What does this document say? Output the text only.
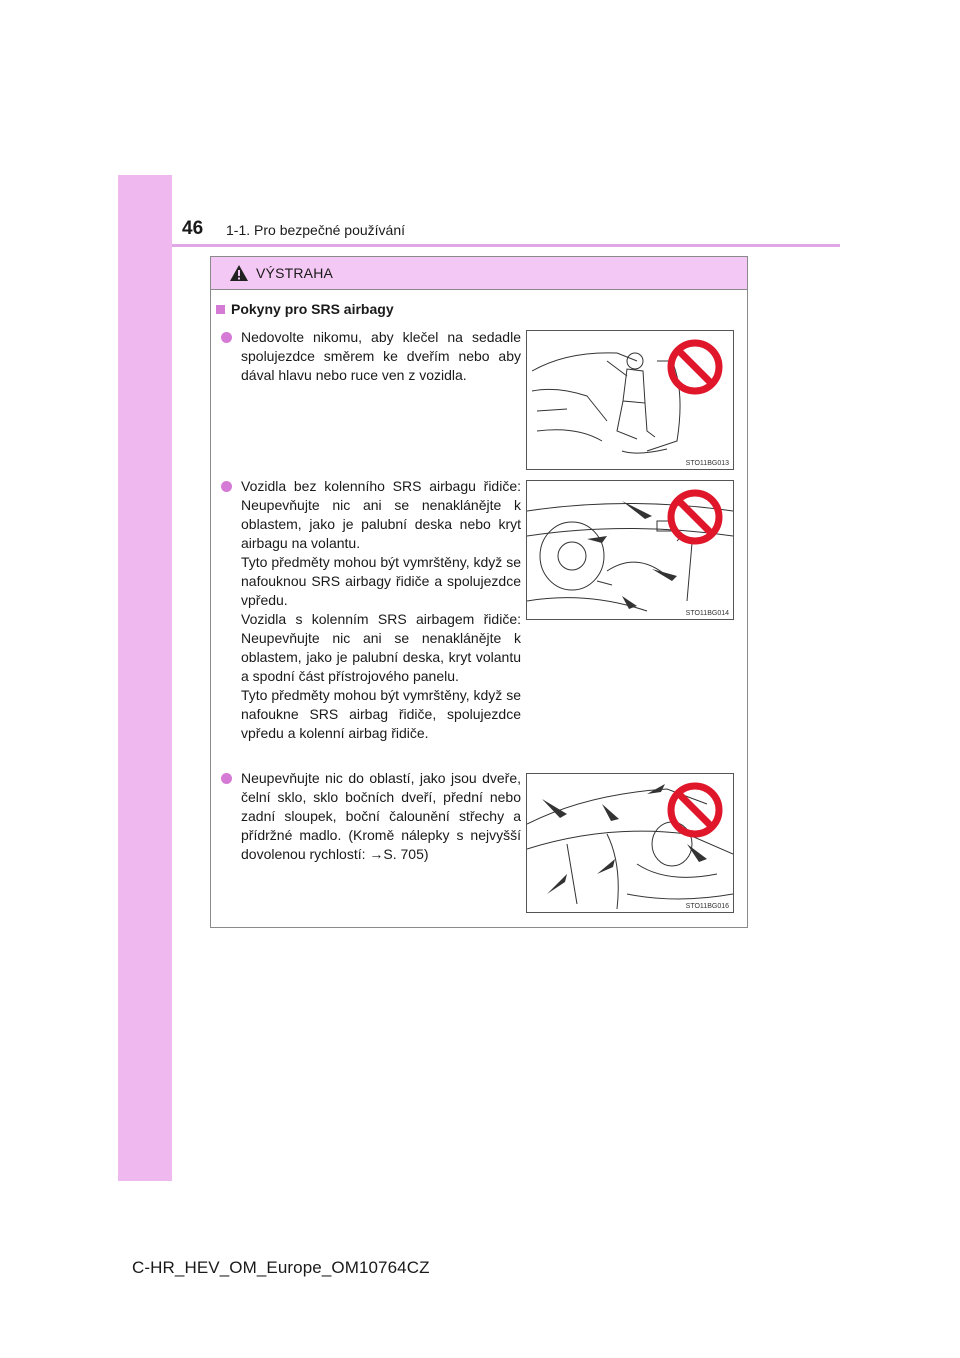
46 1-1. Pro bezpečné používání
VÝSTRAHA
Pokyny pro SRS airbagy
Nedovolte nikomu, aby klečel na sedadle spolujezdce směrem ke dveřím nebo aby dával hlavu nebo ruce ven z vozidla.
STO11BG013
Vozidla bez kolenního SRS airbagu řidiče: Neupevňujte nic ani se nenaklánějte k oblastem, jako je palubní deska nebo kryt airbagu na volantu.
Tyto předměty mohou být vymrštěny, když se nafouknou SRS airbagy řidiče a spolujezdce vpředu.
Vozidla s kolenním SRS airbagem řidiče: Neupevňujte nic ani se nenaklánějte k oblastem, jako je palubní deska, kryt volantu a spodní část přístrojového panelu.
Tyto předměty mohou být vymrštěny, když se nafoukne SRS airbag řidiče, spolujezdce vpředu a kolenní airbag řidiče.
STO11BG014
Neupevňujte nic do oblastí, jako jsou dveře, čelní sklo, sklo bočních dveří, přední nebo zadní sloupek, boční čalounění střechy a přídržné madlo. (Kromě nálepky s nejvyšší dovolenou rychlostí: →S. 705)
STO11BG016
C-HR_HEV_OM_Europe_OM10764CZ
